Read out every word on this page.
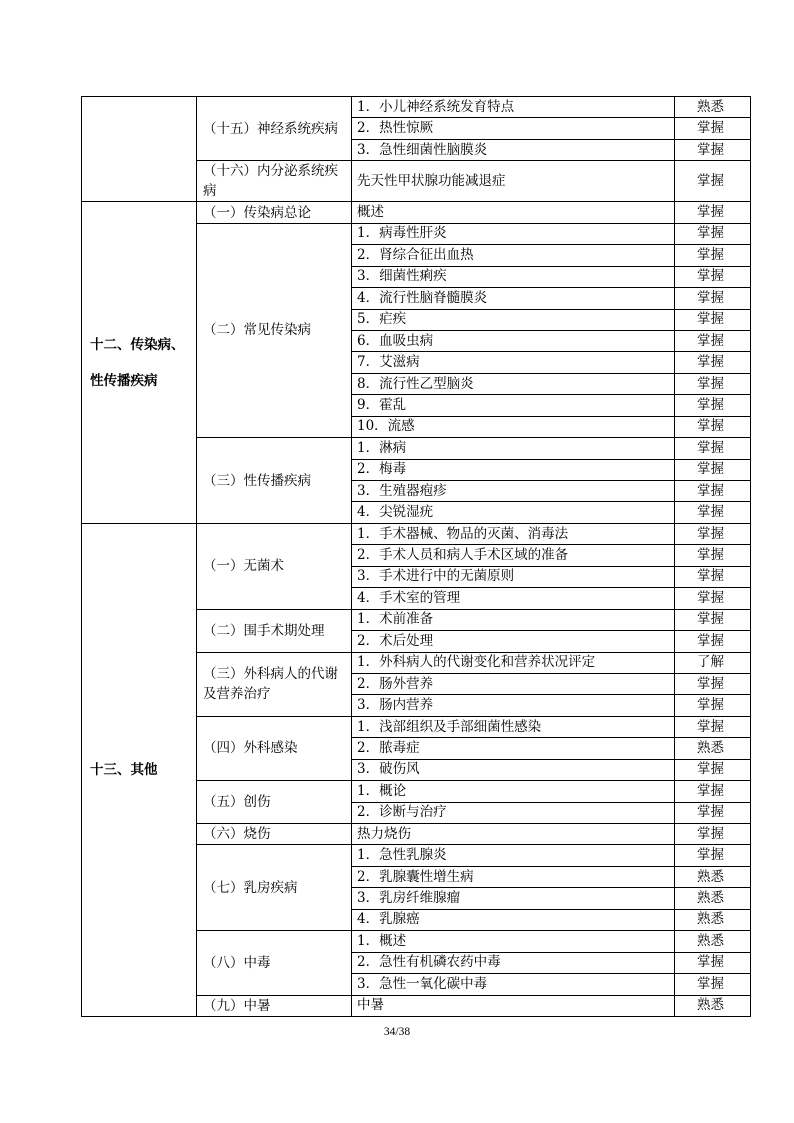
	（十五）神经系统疾病	1．小儿神经系统发育特点	熟悉
		2．热性惊厥	掌握
		3．急性细菌性脑膜炎	掌握
	（十六）内分泌系统疾病	先天性甲状腺功能减退症	掌握
十二、传染病、性传播疾病	（一）传染病总论	概述	掌握
	（二）常见传染病	1．病毒性肝炎	掌握
		2．肾综合征出血热	掌握
		3．细菌性痢疾	掌握
		4．流行性脑脊髓膜炎	掌握
		5．疟疾	掌握
		6．血吸虫病	掌握
		7．艾滋病	掌握
		8．流行性乙型脑炎	掌握
		9．霍乱	掌握
		10．流感	掌握
	（三）性传播疾病	1．淋病	掌握
		2．梅毒	掌握
		3．生殖器疱疹	掌握
		4．尖锐湿疣	掌握
十三、其他	（一）无菌术	1．手术器械、物品的灭菌、消毒法	掌握
		2．手术人员和病人手术区域的准备	掌握
		3．手术进行中的无菌原则	掌握
		4．手术室的管理	掌握
	（二）围手术期处理	1．术前准备	掌握
		2．术后处理	掌握
	（三）外科病人的代谢及营养治疗	1．外科病人的代谢变化和营养状况评定	了解
		2．肠外营养	掌握
		3．肠内营养	掌握
	（四）外科感染	1．浅部组织及手部细菌性感染	掌握
		2．脓毒症	熟悉
		3．破伤风	掌握
	（五）创伤	1．概论	掌握
		2．诊断与治疗	掌握
	（六）烧伤	热力烧伤	掌握
	（七）乳房疾病	1．急性乳腺炎	掌握
		2．乳腺囊性增生病	熟悉
		3．乳房纤维腺瘤	熟悉
		4．乳腺癌	熟悉
	（八）中毒	1．概述	熟悉
		2．急性有机磷农药中毒	掌握
		3．急性一氧化碳中毒	掌握
	（九）中暑	中暑	熟悉
34/38
